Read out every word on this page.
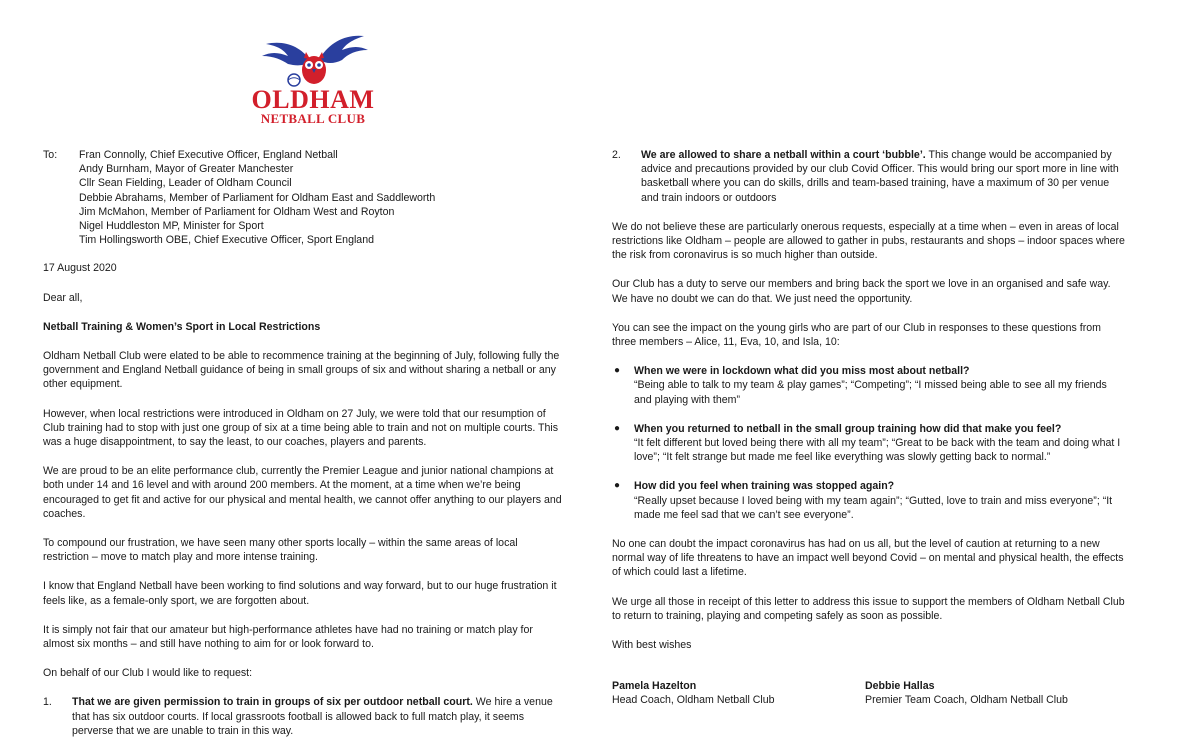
OLDHAM
NETBALL CLUB
To:	Fran Connolly, Chief Executive Officer, England Netball
Andy Burnham, Mayor of Greater Manchester
Cllr Sean Fielding, Leader of Oldham Council
Debbie Abrahams, Member of Parliament for Oldham East and Saddleworth
Jim McMahon, Member of Parliament for Oldham West and Royton
Nigel Huddleston MP, Minister for Sport
Tim Hollingsworth OBE, Chief Executive Officer, Sport England

17 August 2020

Dear all,

Netball Training & Women’s Sport in Local Restrictions

Oldham Netball Club were elated to be able to recommence training at the beginning of July, following fully the government and England Netball guidance of being in small groups of six and without sharing a netball or any other equipment.

However, when local restrictions were introduced in Oldham on 27 July, we were told that our resumption of Club training had to stop with just one group of six at a time being able to train and not on multiple courts. This was a huge disappointment, to say the least, to our coaches, players and parents.

We are proud to be an elite performance club, currently the Premier League and junior national champions at both under 14 and 16 level and with around 200 members. At the moment, at a time when we’re being encouraged to get fit and active for our physical and mental health, we cannot offer anything to our players and coaches.

To compound our frustration, we have seen many other sports locally – within the same areas of local restriction – move to match play and more intense training.

I know that England Netball have been working to find solutions and way forward, but to our huge frustration it feels like, as a female-only sport, we are forgotten about.

It is simply not fair that our amateur but high-performance athletes have had no training or match play for almost six months – and still have nothing to aim for or look forward to.

On behalf of our Club I would like to request:

1.	That we are given permission to train in groups of six per outdoor netball court. We hire a venue that has six outdoor courts. If local grassroots football is allowed back to full match play, it seems perverse that we are unable to train in this way.
2.	We are allowed to share a netball within a court ‘bubble’. This change would be accompanied by advice and precautions provided by our club Covid Officer. This would bring our sport more in line with basketball where you can do skills, drills and team-based training, have a maximum of 30 per venue and train indoors or outdoors

We do not believe these are particularly onerous requests, especially at a time when – even in areas of local restrictions like Oldham – people are allowed to gather in pubs, restaurants and shops – indoor spaces where the risk from coronavirus is so much higher than outside.

Our Club has a duty to serve our members and bring back the sport we love in an organised and safe way. We have no doubt we can do that. We just need the opportunity.

You can see the impact on the young girls who are part of our Club in responses to these questions from three members – Alice, 11, Eva, 10, and Isla, 10:

●	When we were in lockdown what did you miss most about netball?
“Being able to talk to my team & play games”; “Competing”; “I missed being able to see all my friends and playing with them”
●	When you returned to netball in the small group training how did that make you feel?
“It felt different but loved being there with all my team”; “Great to be back with the team and doing what I love”; “It felt strange but made me feel like everything was slowly getting back to normal.”
●	How did you feel when training was stopped again?
“Really upset because I loved being with my team again”; “Gutted, love to train and miss everyone”; “It made me feel sad that we can’t see everyone”.

No one can doubt the impact coronavirus has had on us all, but the level of caution at returning to a new normal way of life threatens to have an impact well beyond Covid – on mental and physical health, the effects of which could last a lifetime.

We urge all those in receipt of this letter to address this issue to support the members of Oldham Netball Club to return to training, playing and competing safely as soon as possible.

With best wishes

Pamela Hazelton
Head Coach, Oldham Netball Club
Debbie Hallas
Premier Team Coach, Oldham Netball Club
